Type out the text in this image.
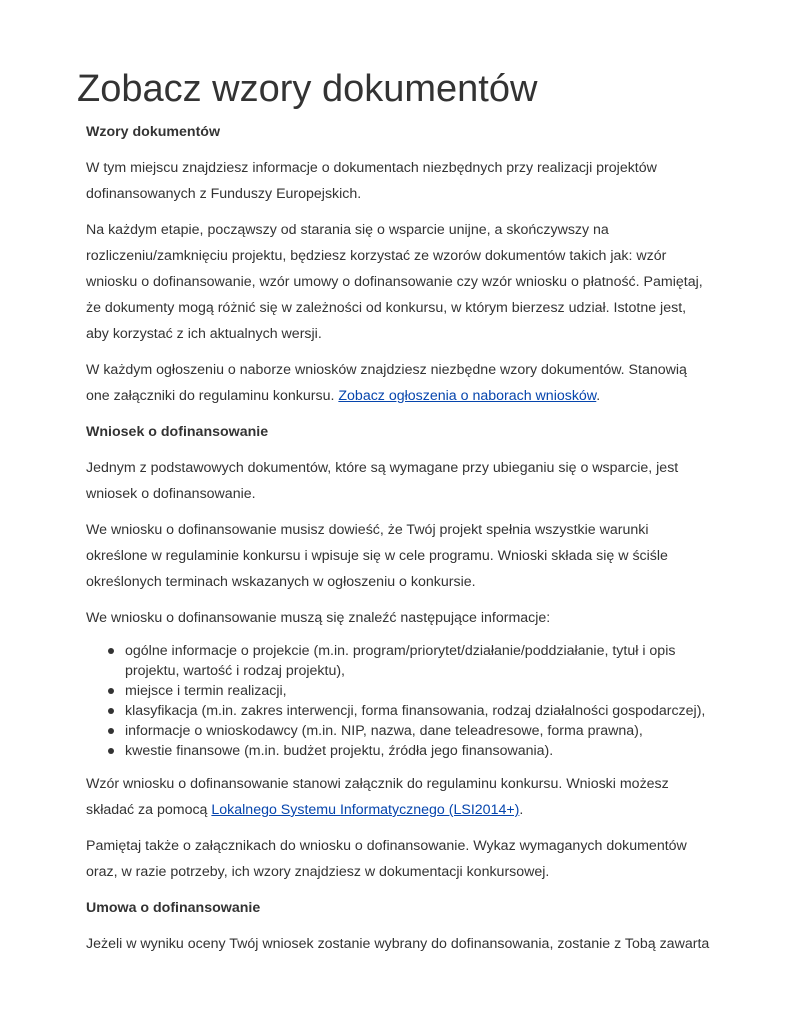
Zobacz wzory dokumentów
Wzory dokumentów

W tym miejscu znajdziesz informacje o dokumentach niezbędnych przy realizacji projektów dofinansowanych z Funduszy Europejskich.

Na każdym etapie, począwszy od starania się o wsparcie unijne, a skończywszy na rozliczeniu/zamknięciu projektu, będziesz korzystać ze wzorów dokumentów takich jak: wzór wniosku o dofinansowanie, wzór umowy o dofinansowanie czy wzór wniosku o płatność. Pamiętaj, że dokumenty mogą różnić się w zależności od konkursu, w którym bierzesz udział. Istotne jest, aby korzystać z ich aktualnych wersji.

W każdym ogłoszeniu o naborze wniosków znajdziesz niezbędne wzory dokumentów. Stanowią one załączniki do regulaminu konkursu. Zobacz ogłoszenia o naborach wniosków.

Wniosek o dofinansowanie

Jednym z podstawowych dokumentów, które są wymagane przy ubieganiu się o wsparcie, jest wniosek o dofinansowanie.

We wniosku o dofinansowanie musisz dowieść, że Twój projekt spełnia wszystkie warunki określone w regulaminie konkursu i wpisuje się w cele programu. Wnioski składa się w ściśle określonych terminach wskazanych w ogłoszeniu o konkursie.

We wniosku o dofinansowanie muszą się znaleźć następujące informacje:

ogólne informacje o projekcie (m.in. program/priorytet/działanie/poddziałanie, tytuł i opis projektu, wartość i rodzaj projektu),
miejsce i termin realizacji,
klasyfikacja (m.in. zakres interwencji, forma finansowania, rodzaj działalności gospodarczej),
informacje o wnioskodawcy (m.in. NIP, nazwa, dane teleadresowe, forma prawna),
kwestie finansowe (m.in. budżet projektu, źródła jego finansowania).

Wzór wniosku o dofinansowanie stanowi załącznik do regulaminu konkursu. Wnioski możesz składać za pomocą Lokalnego Systemu Informatycznego (LSI2014+).

Pamiętaj także o załącznikach do wniosku o dofinansowanie. Wykaz wymaganych dokumentów oraz, w razie potrzeby, ich wzory znajdziesz w dokumentacji konkursowej.

Umowa o dofinansowanie

Jeżeli w wyniku oceny Twój wniosek zostanie wybrany do dofinansowania, zostanie z Tobą zawarta
